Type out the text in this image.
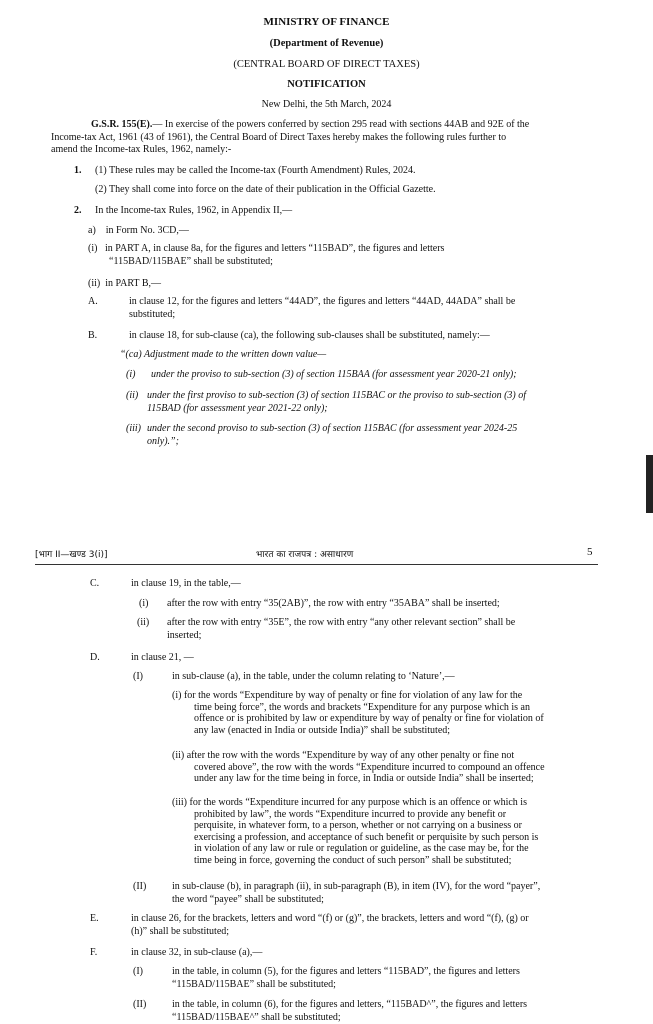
MINISTRY OF FINANCE
(Department of Revenue)
(CENTRAL BOARD OF DIRECT TAXES)
NOTIFICATION
New Delhi, the 5th March, 2024
G.S.R. 155(E).— In exercise of the powers conferred by section 295 read with sections 44AB and 92E of the
Income-tax Act, 1961 (43 of 1961), the Central Board of Direct Taxes hereby makes the following rules further to
amend the Income-tax Rules, 1962, namely:-
1. (1) These rules may be called the Income-tax (Fourth Amendment) Rules, 2024.
(2) They shall come into force on the date of their publication in the Official Gazette.
2. In the Income-tax Rules, 1962, in Appendix II,—
a)    in Form No. 3CD,—
(i)   in PART A, in clause 8a, for the figures and letters “115BAD”, the figures and letters
“115BAD/115BAE” shall be substituted;
(ii)  in PART B,—
A.	in clause 12, for the figures and letters “44AD”, the figures and letters “44AD, 44ADA” shall be
substituted;
B.	in clause 18, for sub-clause (ca), the following sub-clauses shall be substituted, namely:—
“(ca) Adjustment made to the written down value—
(i) under the proviso to sub-section (3) of section 115BAA (for assessment year 2020-21 only);
(ii) under the first proviso to sub-section (3) of section 115BAC or the proviso to sub-section (3) of
115BAD (for assessment year 2021-22 only);
(iii) under the second proviso to sub-section (3) of section 115BAC (for assessment year 2024-25
only).”;
[भाग II—खण्ड 3(i)]	भारत का राजपत्र : असाधारण	5
C.	in clause 19, in the table,—
(i) after the row with entry “35(2AB)”, the row with entry “35ABA” shall be inserted;
(ii) after the row with entry “35E”, the row with entry “any other relevant section” shall be
inserted;
D.	in clause 21, —
(I)	in sub-clause (a), in the table, under the column relating to ‘Nature’,—
(i) for the words “Expenditure by way of penalty or fine for violation of any law for the
time being force”, the words and brackets “Expenditure for any purpose which is an
offence or is prohibited by law or expenditure by way of penalty or fine for violation of
any law (enacted in India or outside India)” shall be substituted;
(ii) after the row with the words “Expenditure by way of any other penalty or fine not
covered above”, the row with the words “Expenditure incurred to compound an offence
under any law for the time being in force, in India or outside India” shall be inserted;
(iii) for the words “Expenditure incurred for any purpose which is an offence or which is
prohibited by law”, the words “Expenditure incurred to provide any benefit or
perquisite, in whatever form, to a person, whether or not carrying on a business or
exercising a profession, and acceptance of such benefit or perquisite by such person is
in violation of any law or rule or regulation or guideline, as the case may be, for the
time being in force, governing the conduct of such person” shall be substituted;
(II)	in sub-clause (b), in paragraph (ii), in sub-paragraph (B), in item (IV), for the word “payer”,
the word “payee” shall be substituted;
E.	in clause 26, for the brackets, letters and word “(f) or (g)”, the brackets, letters and word “(f), (g) or
(h)” shall be substituted;
F.	in clause 32, in sub-clause (a),—
(I)	in the table, in column (5), for the figures and letters “115BAD”, the figures and letters
“115BAD/115BAE” shall be substituted;
(II)	in the table, in column (6), for the figures and letters, “115BAD^”, the figures and letters
“115BAD/115BAE^” shall be substituted;
